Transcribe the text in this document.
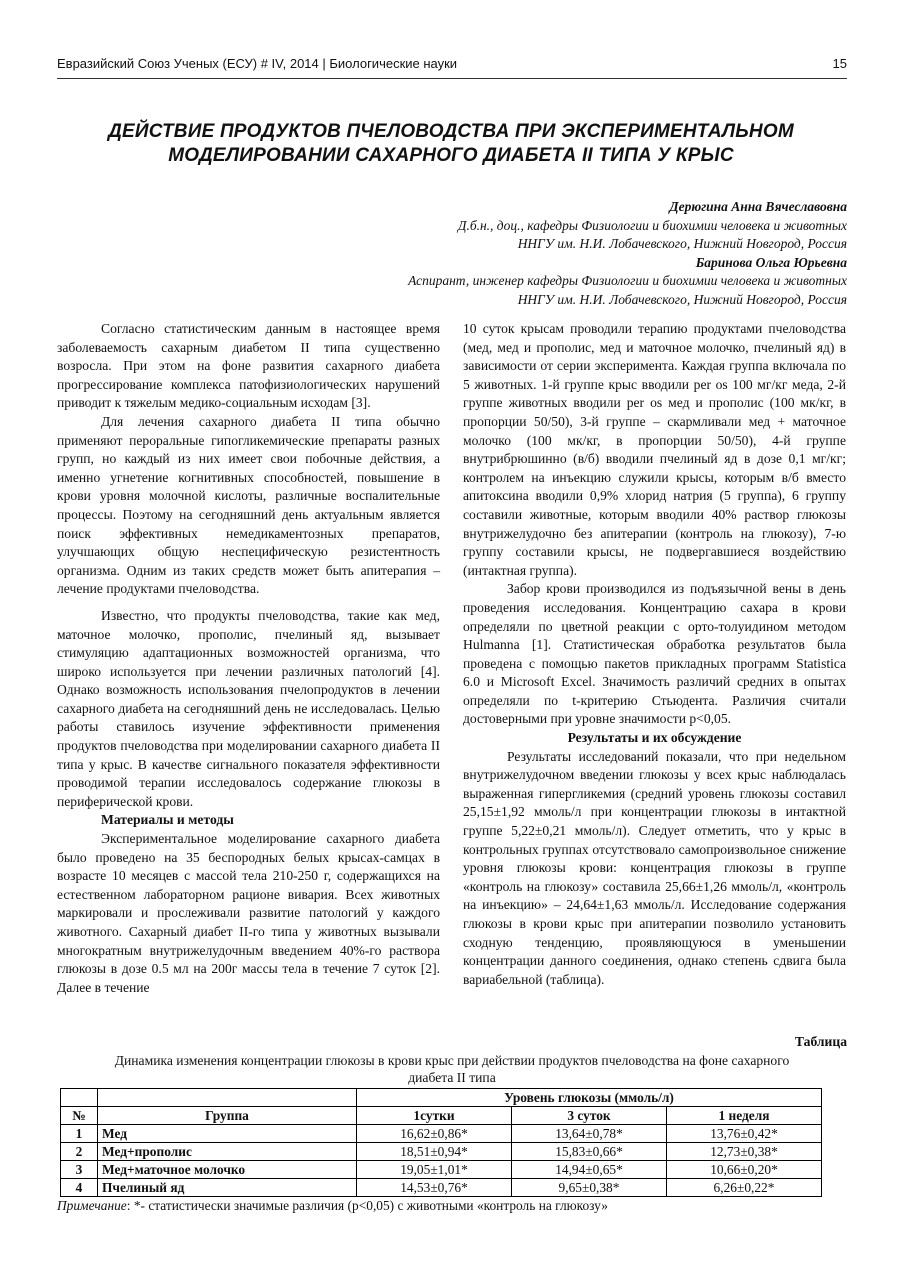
Евразийский Союз Ученых (ЕСУ) # IV, 2014 | Биологические науки	15
ДЕЙСТВИЕ ПРОДУКТОВ ПЧЕЛОВОДСТВА ПРИ ЭКСПЕРИМЕНТАЛЬНОМ
МОДЕЛИРОВАНИИ САХАРНОГО ДИАБЕТА II ТИПА У КРЫС
Дерюгина Анна Вячеславовна
Д.б.н., доц., кафедры Физиологии и биохимии человека и животных
ННГУ им. Н.И. Лобачевского, Нижний Новгород, Россия
Баринова Ольга Юрьевна
Аспирант, инженер кафедры Физиологии и биохимии человека и животных
ННГУ им. Н.И. Лобачевского, Нижний Новгород, Россия

Согласно статистическим данным в настоящее время заболеваемость сахарным диабетом II типа существенно возросла. При этом на фоне развития сахарного диабета прогрессирование комплекса патофизиологических нарушений приводит к тяжелым медико-социальным исходам [3].

Для лечения сахарного диабета II типа обычно применяют пероральные гипогликемические препараты разных групп, но каждый из них имеет свои побочные действия, а именно угнетение когнитивных способностей, повышение в крови уровня молочной кислоты, различные воспалительные процессы. Поэтому на сегодняшний день актуальным является поиск эффективных немедикаментозных препаратов, улучшающих общую неспецифическую резистентность организма. Одним из таких средств может быть апитерапия – лечение продуктами пчеловодства.

Известно, что продукты пчеловодства, такие как мед, маточное молочко, прополис, пчелиный яд, вызывает стимуляцию адаптационных возможностей организма, что широко используется при лечении различных патологий [4]. Однако возможность использования пчелопродуктов в лечении сахарного диабета на сегодняшний день не исследовалась. Целью работы ставилось изучение эффективности применения продуктов пчеловодства при моделировании сахарного диабета II типа у крыс. В качестве сигнального показателя эффективности проводимой терапии исследовалось содержание глюкозы в периферической крови.

Материалы и методы

Экспериментальное моделирование сахарного диабета было проведено на 35 беспородных белых крысах-самцах в возрасте 10 месяцев с массой тела 210-250 г, содержащихся на естественном лабораторном рационе вивария. Всех животных маркировали и прослеживали развитие патологий у каждого животного. Сахарный диабет II-го типа у животных вызывали многократным внутрижелудочным введением 40%-го раствора глюкозы в дозе 0.5 мл на 200г массы тела в течение 7 суток [2]. Далее в течение

10 суток крысам проводили терапию продуктами пчеловодства (мед, мед и прополис, мед и маточное молочко, пчелиный яд) в зависимости от серии эксперимента. Каждая группа включала по 5 животных. 1-й группе крыс вводили per os 100 мг/кг меда, 2-й группе животных вводили per os мед и прополис (100 мк/кг, в пропорции 50/50), 3-й группе – скармливали мед + маточное молочко (100 мк/кг, в пропорции 50/50), 4-й группе внутрибрюшинно (в/б) вводили пчелиный яд в дозе 0,1 мг/кг; контролем на инъекцию служили крысы, которым в/б вместо апитоксина вводили 0,9% хлорид натрия (5 группа), 6 группу составили животные, которым вводили 40% раствор глюкозы внутрижелудочно без апитерапии (контроль на глюкозу), 7-ю группу составили крысы, не подвергавшиеся воздействию (интактная группа).

Забор крови производился из подъязычной вены в день проведения исследования. Концентрацию сахара в крови определяли по цветной реакции с орто-толуидином методом Hulmanna [1]. Статистическая обработка результатов была проведена с помощью пакетов прикладных программ Statistica 6.0 и Microsoft Excel. Значимость различий средних в опытах определяли по t-критерию Стьюдента. Различия считали достоверными при уровне значимости р<0,05.

Результаты и их обсуждение

Результаты исследований показали, что при недельном внутрижелудочном введении глюкозы у всех крыс наблюдалась выраженная гипергликемия (средний уровень глюкозы составил 25,15±1,92 ммоль/л при концентрации глюкозы в интактной группе 5,22±0,21 ммоль/л). Следует отметить, что у крыс в контрольных группах отсутствовало самопроизвольное снижение уровня глюкозы крови: концентрация глюкозы в группе «контроль на глюкозу» составила 25,66±1,26 ммоль/л, «контроль на инъекцию» – 24,64±1,63 ммоль/л. Исследование содержания глюкозы в крови крыс при апитерапии позволило установить сходную тенденцию, проявляющуюся в уменьшении концентрации данного соединения, однако степень сдвига была вариабельной (таблица).

Таблица
Динамика изменения концентрации глюкозы в крови крыс при действии продуктов пчеловодства на фоне сахарного
диабета II типа
		Уровень глюкозы (ммоль/л)		
№	Группа	1сутки	3 суток	1 неделя
1	Мед	16,62±0,86*	13,64±0,78*	13,76±0,42*
2	Мед+прополис	18,51±0,94*	15,83±0,66*	12,73±0,38*
3	Мед+маточное молочко	19,05±1,01*	14,94±0,65*	10,66±0,20*
4	Пчелиный яд	14,53±0,76*	9,65±0,38*	6,26±0,22*
Примечание: *- статистически значимые различия (p<0,05) с животными «контроль на глюкозу»
